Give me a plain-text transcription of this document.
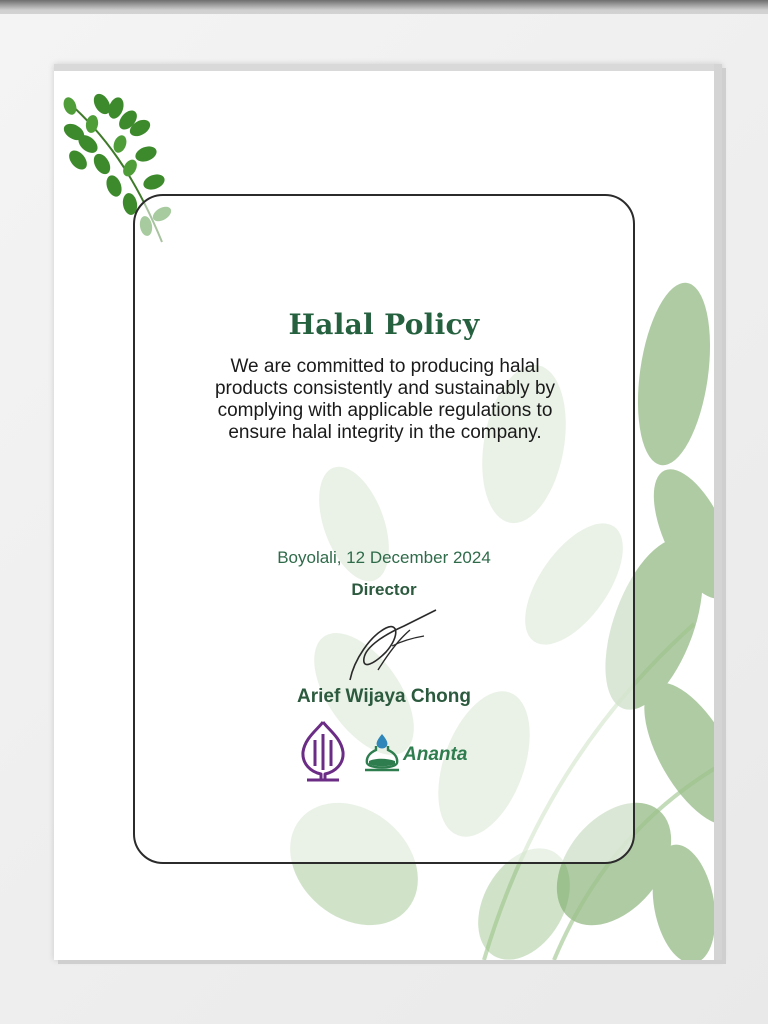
Halal Policy
We are committed to producing halal products consistently and sustainably by complying with applicable regulations to ensure halal integrity in the company.
Boyolali, 12 December 2024
Director
Arief Wijaya Chong
Ananta
